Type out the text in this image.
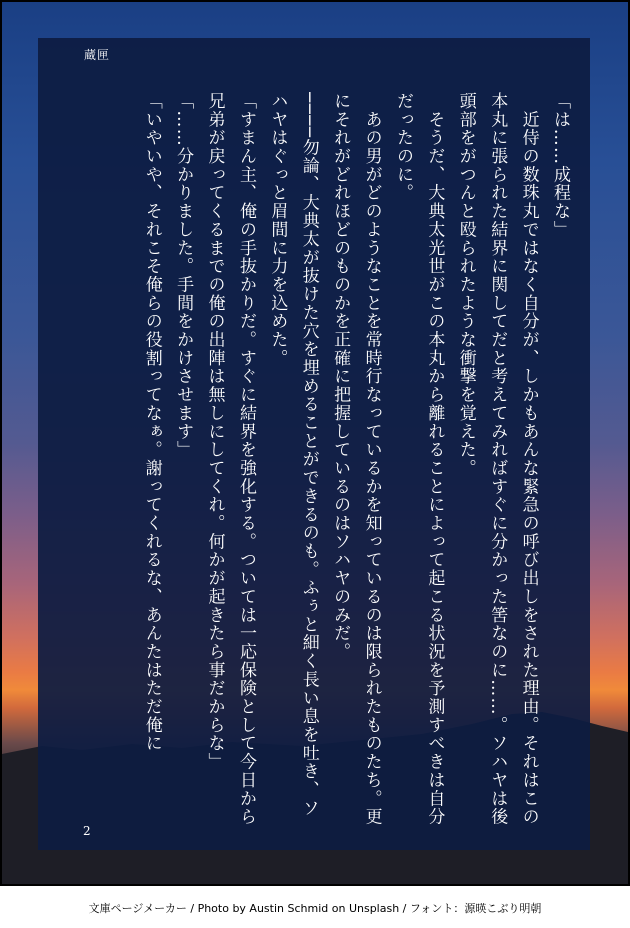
蔵匣

「は……成程な」

　近侍の数珠丸ではなく自分が、しかもあんな緊急の呼び出しをされた理由。それはこの本丸に張られた結界に関してだと考えてみればすぐに分かった筈なのに……。ソハヤは後頭部をがつんと殴られたような衝撃を覚えた。

　そうだ、大典太光世がこの本丸から離れることによって起こる状況を予測すべきは自分だったのに。

　あの男がどのようなことを常時行なっているかを知っているのは限られたものたち。更にそれがどれほどのものかを正確に把握しているのはソハヤのみだ。

────勿論、大典太が抜けた穴を埋めることができるのも。ふぅと細く長い息を吐き、ソハヤはぐっと眉間に力を込めた。

「すまん主、俺の手抜かりだ。すぐに結界を強化する。ついては一応保険として今日から兄弟が戻ってくるまでの俺の出陣は無しにしてくれ。何かが起きたら事だからな」

「……分かりました。手間をかけさせます」

「いやいや、それこそ俺らの役割ってなぁ。謝ってくれるな、あんたはただ俺に

2
文庫ページメーカー / Photo by Austin Schmid on Unsplash / フォント：源暎こぶり明朝
